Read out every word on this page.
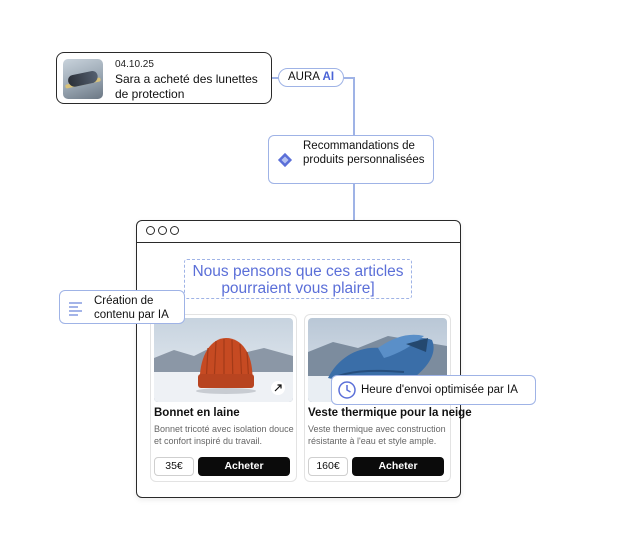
04.10.25
Sara a acheté des lunettes de protection
AURA AI
Recommandations de produits personnalisées
Nous pensons que ces articles pourraient vous plaire]
Bonnet en laine
Bonnet tricoté avec isolation douce et confort inspiré du travail.
35€	Acheter
Veste thermique pour la neige
Veste thermique avec construction résistante à l'eau et style ample.
160€	Acheter
Création de contenu par IA
Heure d'envoi optimisée par IA
